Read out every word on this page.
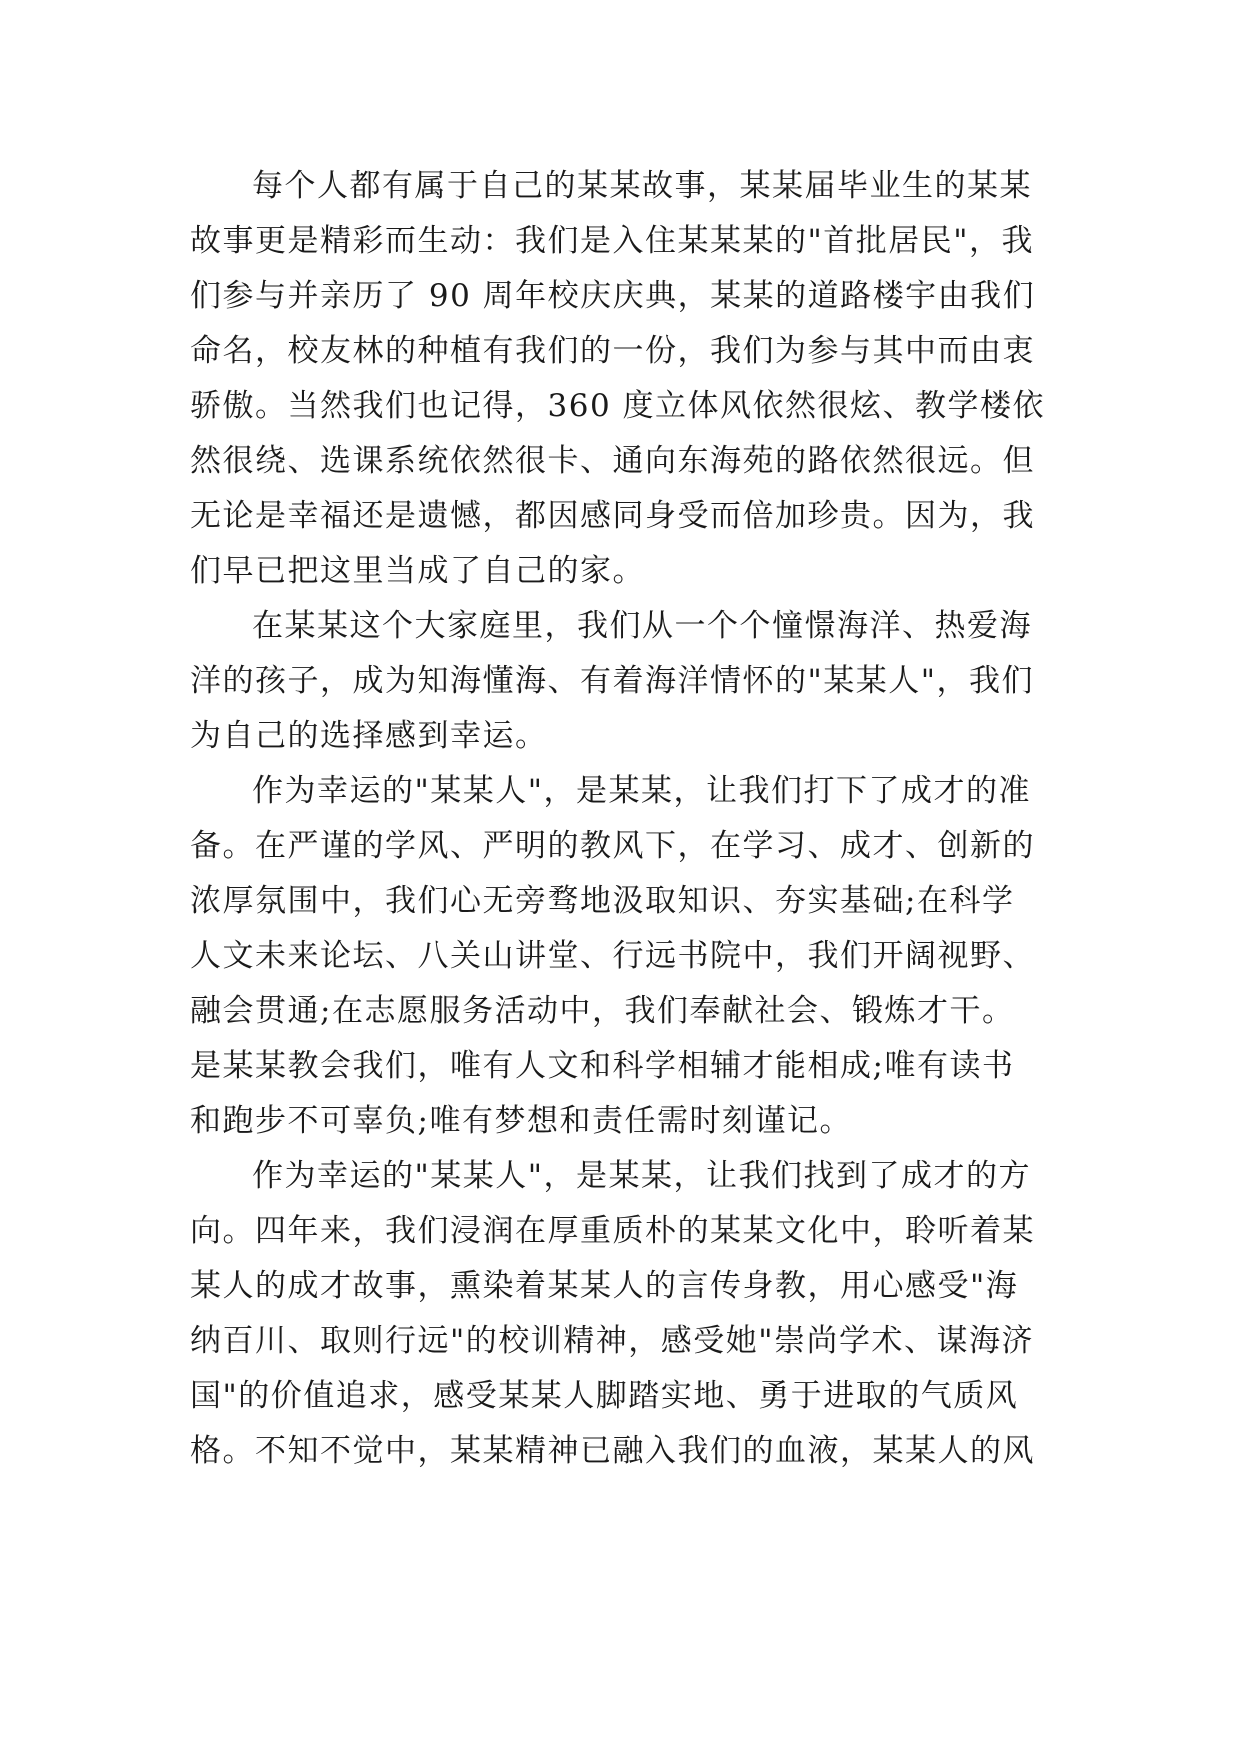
每个人都有属于自己的某某故事，某某届毕业生的某某
故事更是精彩而生动：我们是入住某某某的"首批居民"，我
们参与并亲历了 90 周年校庆庆典，某某的道路楼宇由我们
命名，校友林的种植有我们的一份，我们为参与其中而由衷
骄傲。当然我们也记得，360 度立体风依然很炫、教学楼依
然很绕、选课系统依然很卡、通向东海苑的路依然很远。但
无论是幸福还是遗憾，都因感同身受而倍加珍贵。因为，我
们早已把这里当成了自己的家。
在某某这个大家庭里，我们从一个个憧憬海洋、热爱海
洋的孩子，成为知海懂海、有着海洋情怀的"某某人"，我们
为自己的选择感到幸运。
作为幸运的"某某人"，是某某，让我们打下了成才的准
备。在严谨的学风、严明的教风下，在学习、成才、创新的
浓厚氛围中，我们心无旁骛地汲取知识、夯实基础;在科学
人文未来论坛、八关山讲堂、行远书院中，我们开阔视野、
融会贯通;在志愿服务活动中，我们奉献社会、锻炼才干。
是某某教会我们，唯有人文和科学相辅才能相成;唯有读书
和跑步不可辜负;唯有梦想和责任需时刻谨记。
作为幸运的"某某人"，是某某，让我们找到了成才的方
向。四年来，我们浸润在厚重质朴的某某文化中，聆听着某
某人的成才故事，熏染着某某人的言传身教，用心感受"海
纳百川、取则行远"的校训精神，感受她"崇尚学术、谋海济
国"的价值追求，感受某某人脚踏实地、勇于进取的气质风
格。不知不觉中，某某精神已融入我们的血液，某某人的风
